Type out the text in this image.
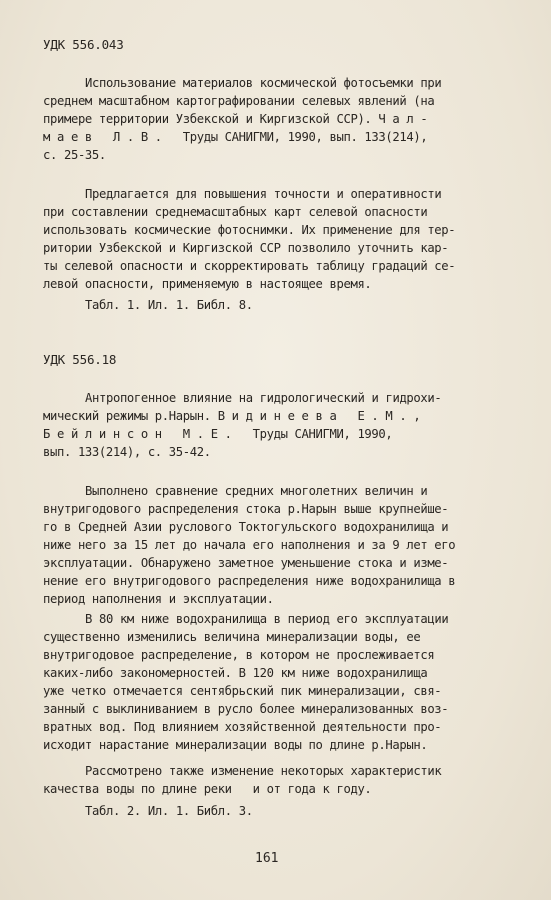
УДК 556.043
Использование материалов космической фотосъемки при
среднем масштабном картографировании селевых явлений (на
примере территории Узбекской и Киргизской ССР). Ч а л -
м а е в   Л . В .   Труды САНИГМИ, 1990, вып. 133(214),
с. 25-35.
Предлагается для повышения точности и оперативности
при составлении среднемасштабных карт селевой опасности
использовать космические фотоснимки. Их применение для тер-
ритории Узбекской и Киргизской ССР позволило уточнить кар-
ты селевой опасности и скорректировать таблицу градаций се-
левой опасности, применяемую в настоящее время.
Табл. 1. Ил. 1. Библ. 8.
УДК 556.18
Антропогенное влияние на гидрологический и гидрохи-
мический режимы р.Нарын. В и д и н е е в а   Е . М . ,
Б е й л и н с о н   М . Е .   Труды САНИГМИ, 1990,
вып. 133(214), с. 35-42.
Выполнено сравнение средних многолетних величин и
внутригодового распределения стока р.Нарын выше крупнейше-
го в Средней Азии руслового Токтогульского водохранилища и
ниже него за 15 лет до начала его наполнения и за 9 лет его
эксплуатации. Обнаружено заметное уменьшение стока и изме-
нение его внутригодового распределения ниже водохранилища в
период наполнения и эксплуатации.
В 80 км ниже водохранилища в период его эксплуатации
существенно изменились величина минерализации воды, ее
внутригодовое распределение, в котором не прослеживается
каких-либо закономерностей. В 120 км ниже водохранилища
уже четко отмечается сентябрьский пик минерализации, свя-
занный с выклиниванием в русло более минерализованных воз-
вратных вод. Под влиянием хозяйственной деятельности про-
исходит нарастание минерализации воды по длине р.Нарын.
Рассмотрено также изменение некоторых характеристик
качества воды по длине реки   и от года к году.
Табл. 2. Ил. 1. Библ. 3.
161
